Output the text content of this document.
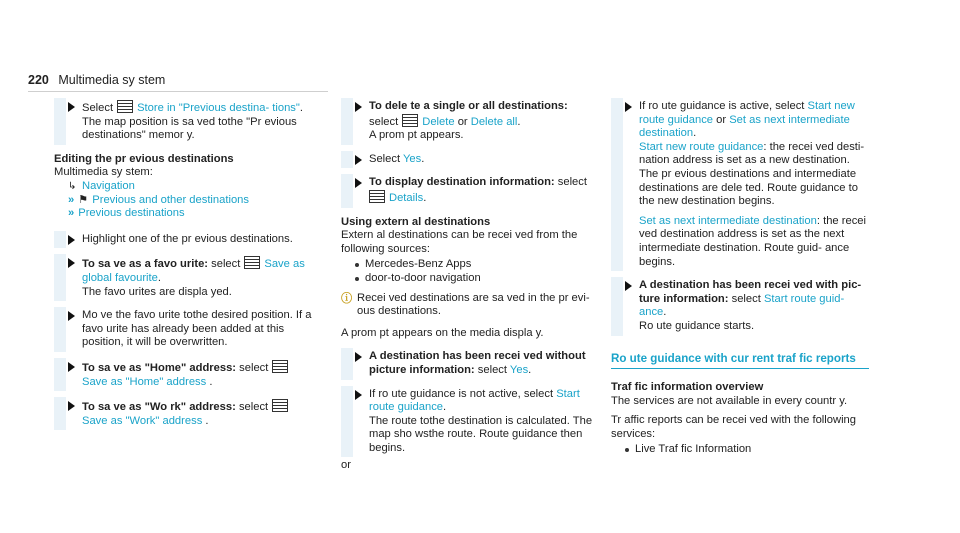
220 Multimedia sy stem
Select Store in "Previous destina‐ tions".
The map position is sa ved tothe "Pr evious destinations" memor y.

Editing the pr evious destinations

Multimedia sy stem:

↳ Navigation
» ⚑ Previous and other destinations
» Previous destinations
Highlight one of the pr evious destinations.
To sa ve as a favo urite: select Save as global favourite.
The favo urites are displa yed.
Mo ve the favo urite tothe desired position. If a favo urite has already been added at this position, it will be overwritten.
To sa ve as "Home" address: select
Save as "Home" address .
To sa ve as "Wo rk" address: select
Save as "Work" address .
To dele te a single or all destinations:
select Delete or Delete all.
A prom pt appears.
Select Yes.
To display destination information: select
Details.

Using extern al destinations

Extern al destinations can be recei ved from the following sources:

Mercedes-Benz Apps
door-to-door navigation
ⓘ Recei ved destinations are sa ved in the pr evi‐ ous destinations.

A prom pt appears on the media displa y.

A destination has been recei ved without picture information: select Yes.
If ro ute guidance is not active, select Start route guidance.
The route tothe destination is calculated. The map sho wsthe route. Route guidance then begins.

or

If ro ute guidance is active, select Start new route guidance or Set as next intermediate destination.
Start new route guidance: the recei ved desti‐ nation address is set as a new destination. The pr evious destinations and intermediate destinations are dele ted. Route guidance to the new destination begins.

Set as next intermediate destination: the recei ved destination address is set as the next intermediate destination. Route guid‐ ance begins.
A destination has been recei ved with pic‐ ture information: select Start route guid‐ ance.
Ro ute guidance starts.

Ro ute guidance with cur rent traf fic reports

Traf fic information overview

The services are not available in every countr y.

Tr affic reports can be recei ved with the following services:

Live Traf fic Information
